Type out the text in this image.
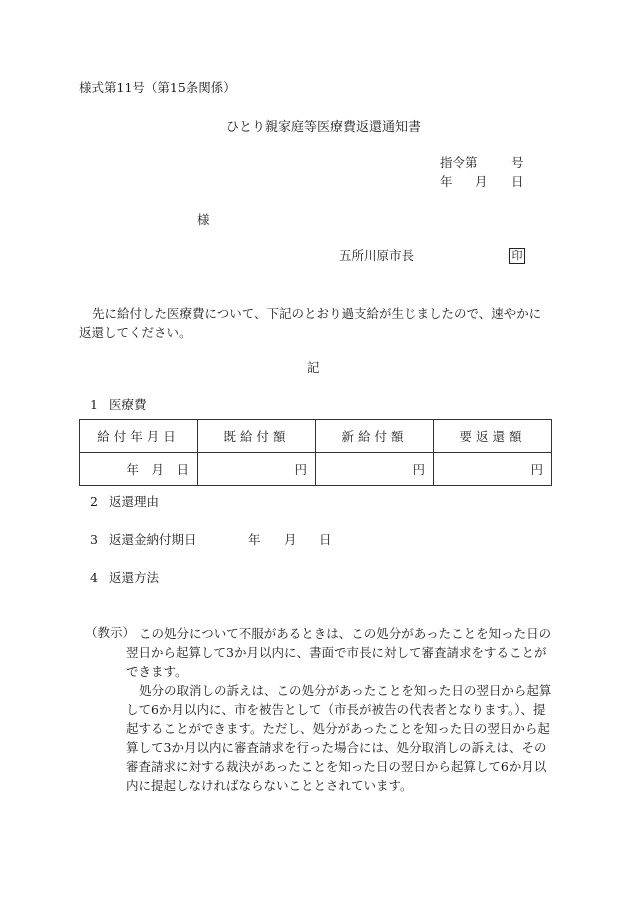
様式第11号（第15条関係）
ひとり親家庭等医療費返還通知書
指令第	号
年 月 日
様
五所川原市長	印
先に給付した医療費について、下記のとおり過支給が生じましたので、速やかに返還してください。
記
1 医療費
給付年月日	既給付額	新給付額	要返還額
年　月　日	円	円	円
2 返還理由
3 返還金納付期日	年 月 日
4 返還方法
（教示） この処分について不服があるときは、この処分があったことを知った日の翌日から起算して3か月以内に、書面で市長に対して審査請求をすることができます。
処分の取消しの訴えは、この処分があったことを知った日の翌日から起算して6か月以内に、市を被告として（市長が被告の代表者となります。）、提起することができます。ただし、処分があったことを知った日の翌日から起算して3か月以内に審査請求を行った場合には、処分取消しの訴えは、その審査請求に対する裁決があったことを知った日の翌日から起算して6か月以内に提起しなければならないこととされています。
